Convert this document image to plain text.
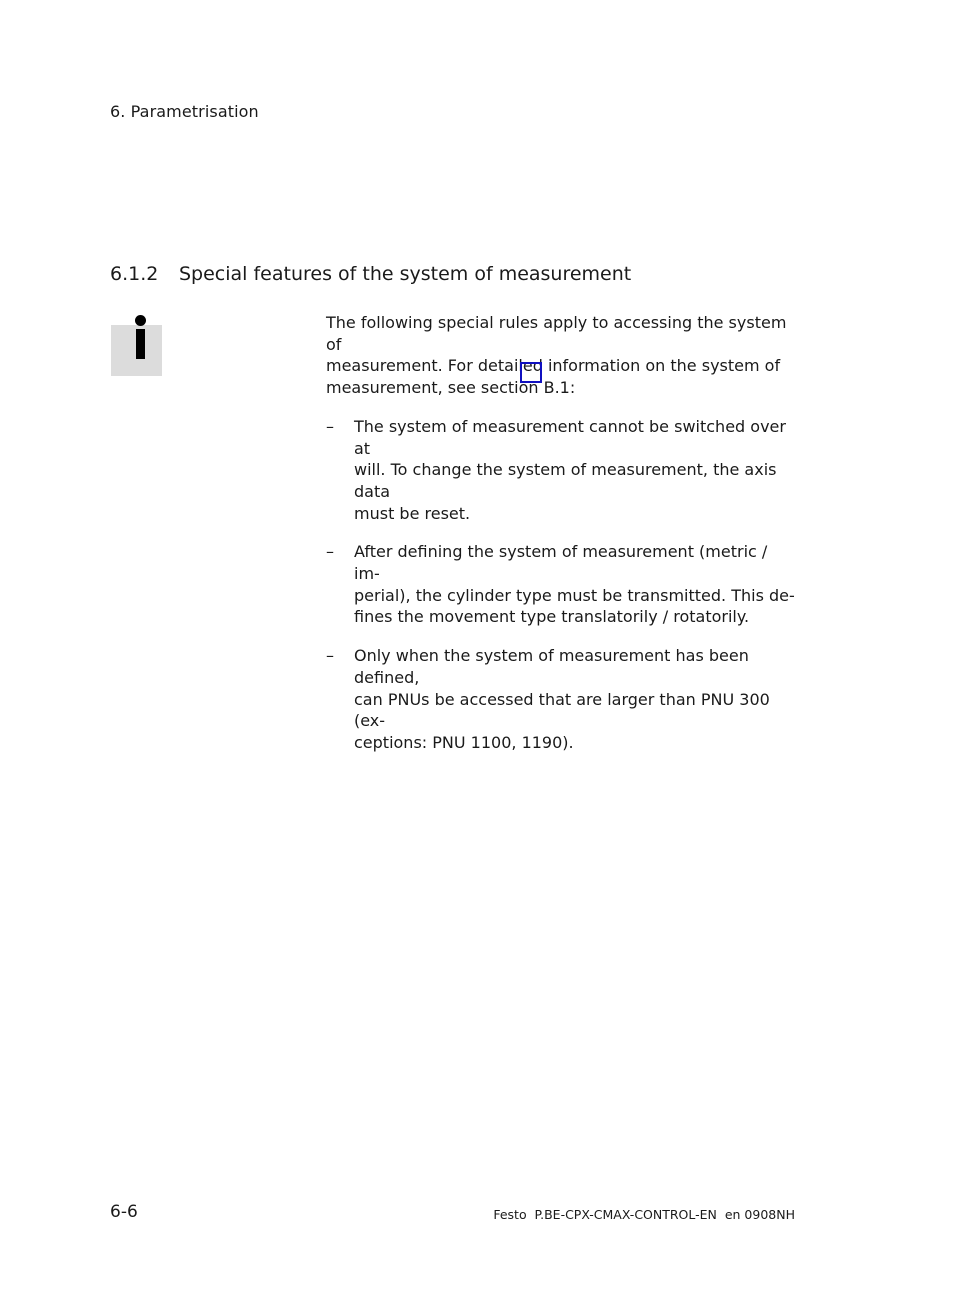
6. Parametrisation
6.1.2	Special features of the system of measurement

The following special rules apply to accessing the system of
measurement. For detailed information on the system of
measurement, see section B.1:

– The system of measurement cannot be switched over at
will. To change the system of measurement, the axis data
must be reset.
– After defining the system of measurement (metric / im-
perial), the cylinder type must be transmitted. This de-
fines the movement type translatorily / rotatorily.
– Only when the system of measurement has been defined,
can PNUs be accessed that are larger than PNU 300 (ex-
ceptions: PNU 1100, 1190).
6-6	Festo  P.BE-CPX-CMAX-CONTROL-EN  en 0908NH
